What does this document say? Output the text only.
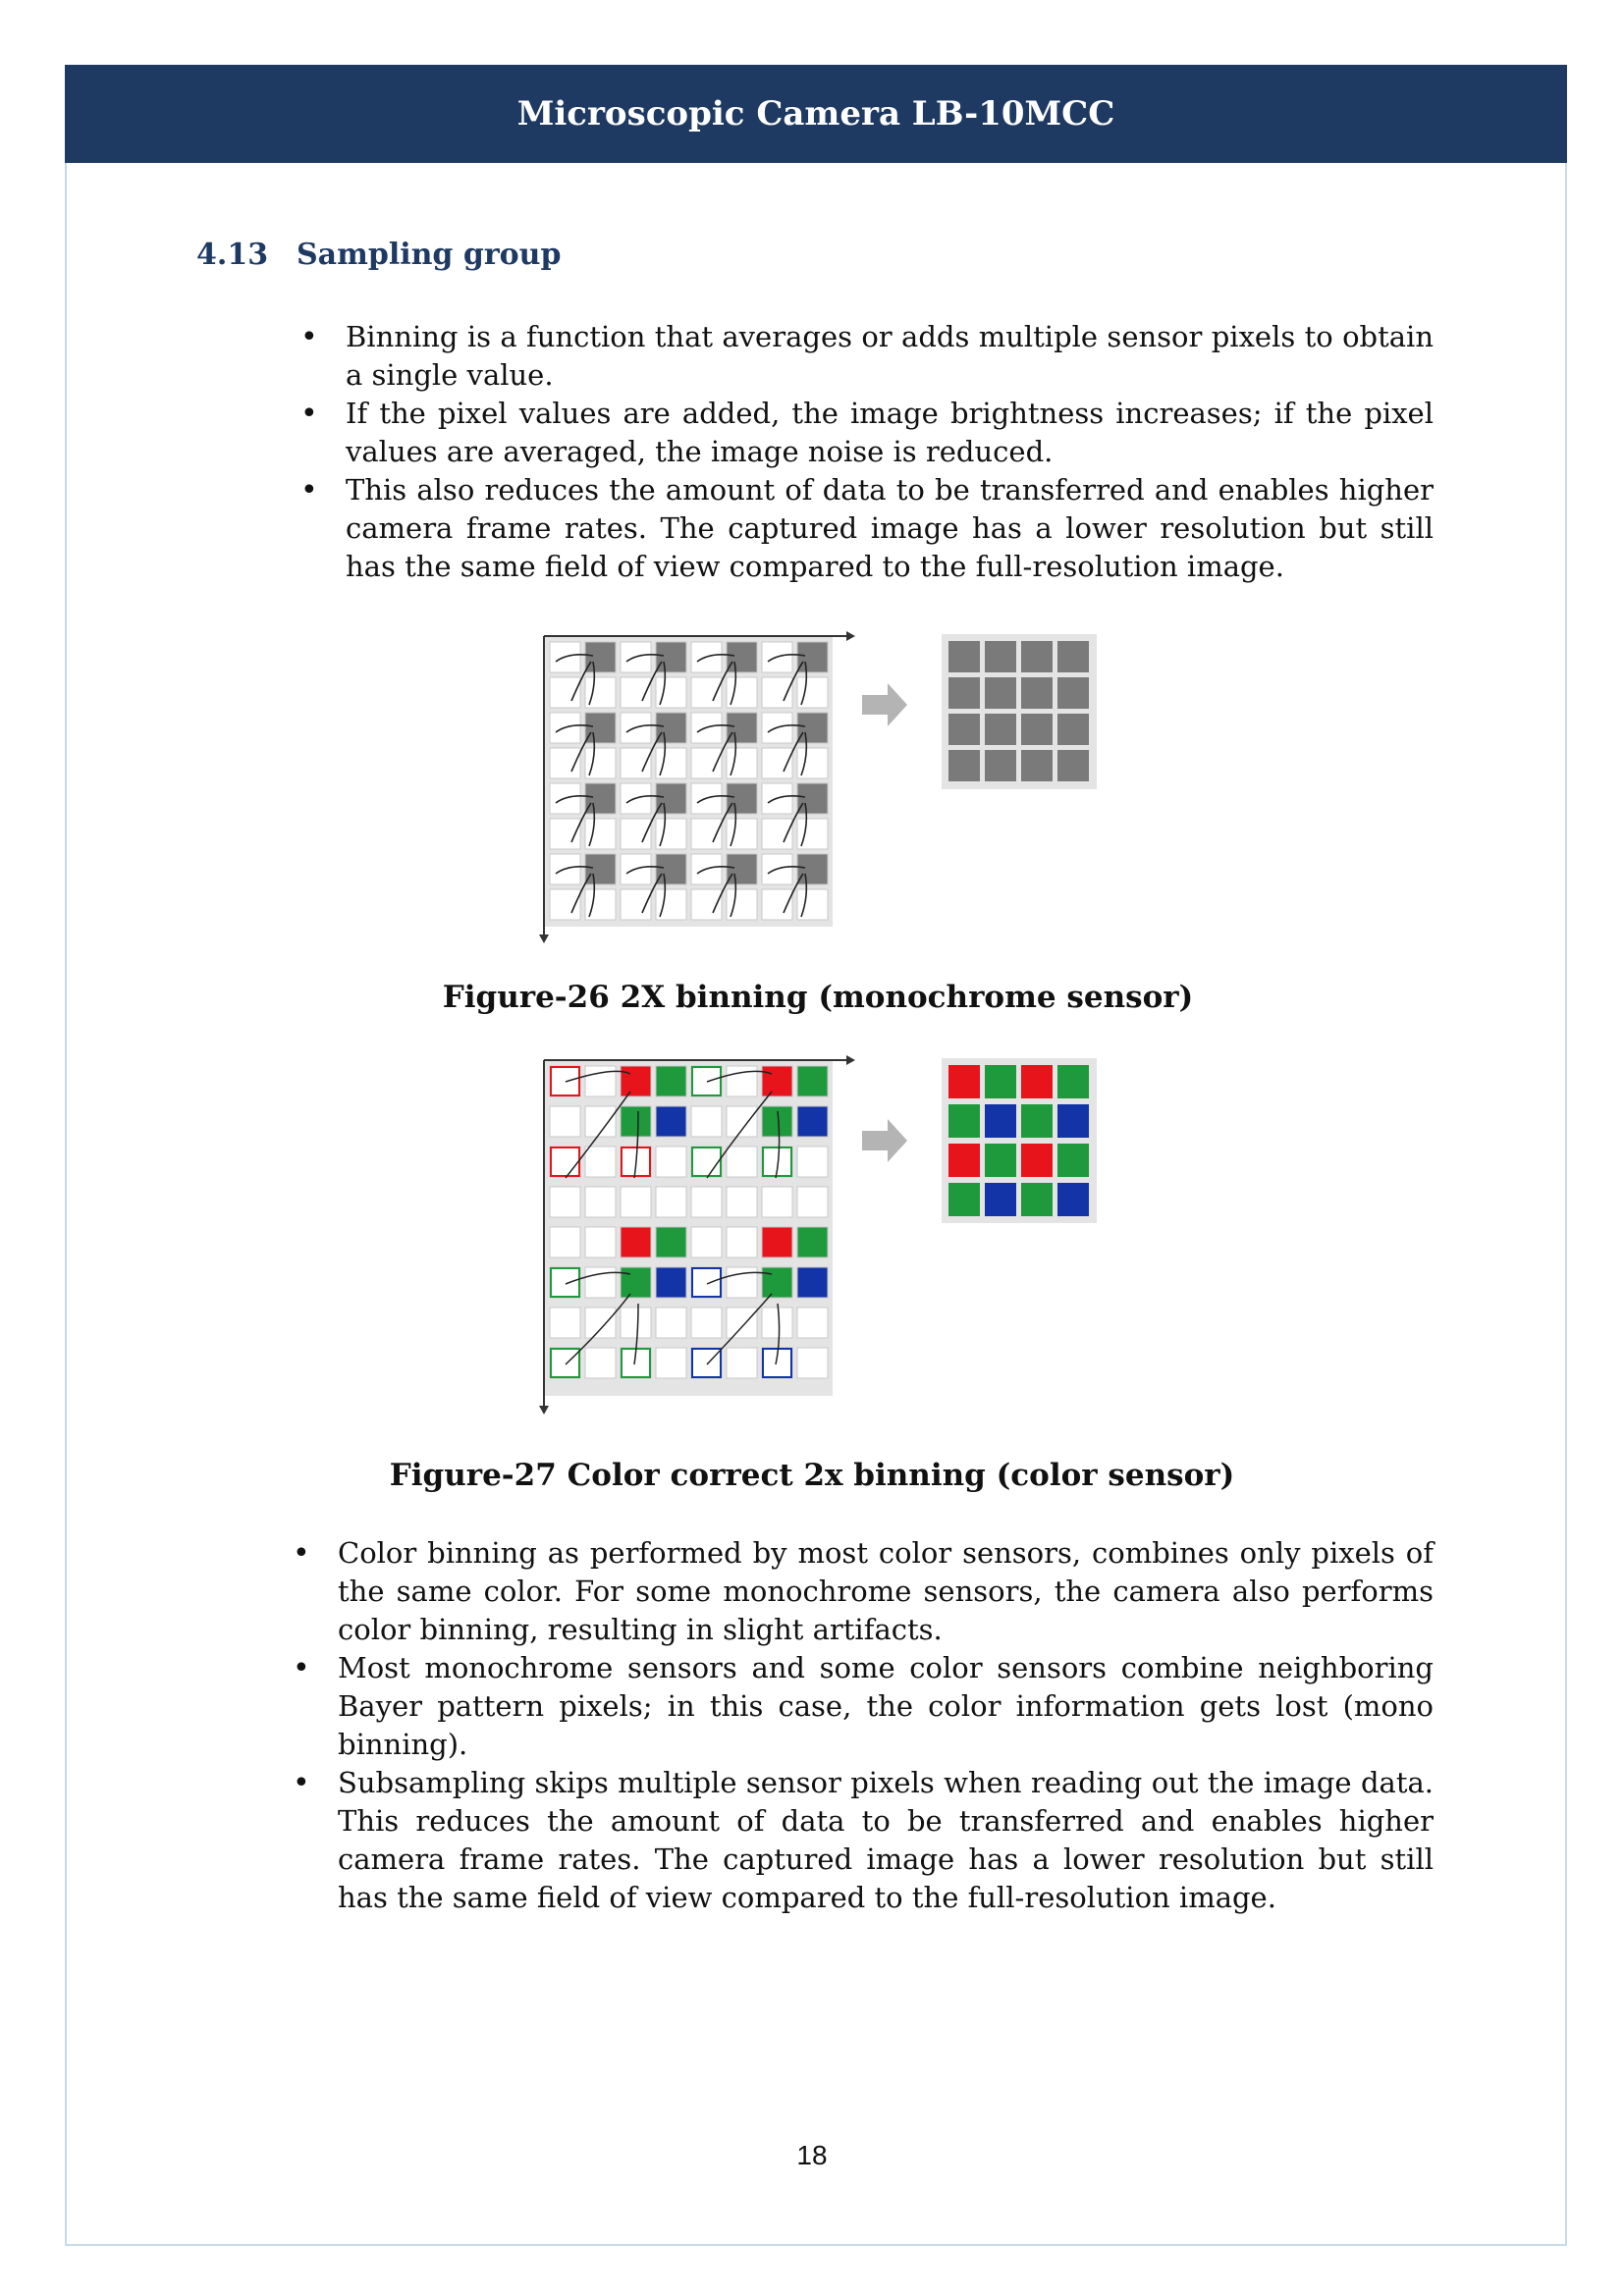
Microscopic Camera LB-10MCC
4.13 Sampling group
• Binning is a function that averages or adds multiple sensor pixels to obtain a single value.
• If the pixel values are added, the image brightness increases; if the pixel values are averaged, the image noise is reduced.
• This also reduces the amount of data to be transferred and enables higher camera frame rates. The captured image has a lower resolution but still has the same field of view compared to the full-resolution image.
Figure-26 2X binning (monochrome sensor)
Figure-27 Color correct 2x binning (color sensor)
• Color binning as performed by most color sensors, combines only pixels of the same color. For some monochrome sensors, the camera also performs color binning, resulting in slight artifacts.
• Most monochrome sensors and some color sensors combine neighboring Bayer pattern pixels; in this case, the color information gets lost (mono binning).
• Subsampling skips multiple sensor pixels when reading out the image data. This reduces the amount of data to be transferred and enables higher camera frame rates. The captured image has a lower resolution but still has the same field of view compared to the full-resolution image.
18
